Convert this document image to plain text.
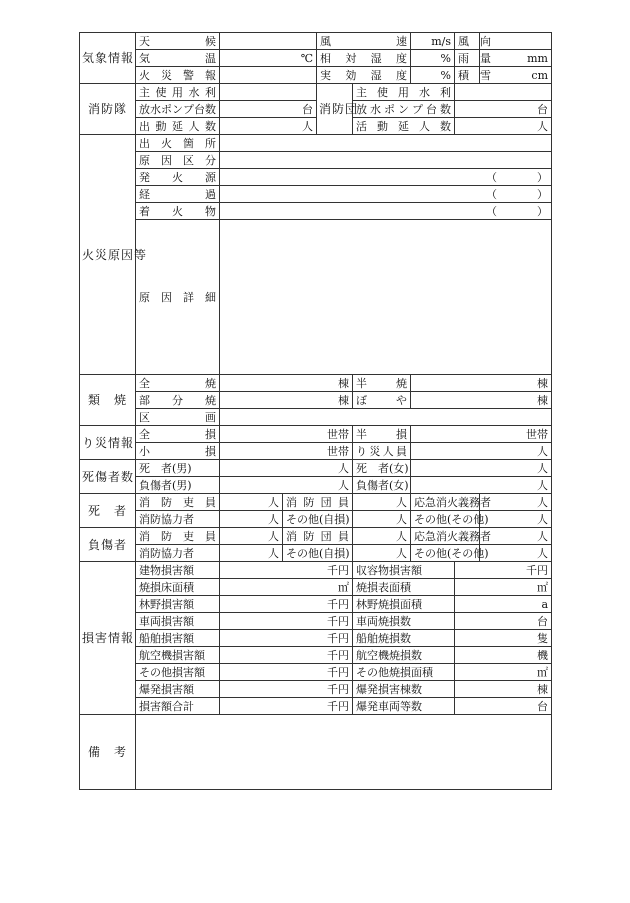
気象情報	天　候			風　速		m/s	風　向	
	気　温	℃		相対湿度		%	雨　量	mm
	火災警報			実効湿度		%	積　雪	cm
消防隊	主使用水利			消防団	主使用水利			
	放水ポンプ台数	台			放水ポンプ台数		台	
	出動延人数	人			活動延人数		人	
火災原因等	出火箇所							
	原因区分							
	発　火　源	（ ）						

	経　過	（ ）						

	着　火　物	（ ）						

	原因詳細							
類　焼	全　焼	棟			半　焼	棟		
	部分焼	棟			ぼ　や	棟		
	区　画							
り災情報	全　損	世帯			半　損	世帯		
	小　損	世帯			り災人員	人		
死傷者数	死　者(男)	人			死　者(女)	人		
	負傷者(男)	人			負傷者(女)	人		
死　者	消防吏員	人	消防団員		人	応急消火義務者		人
	消防協力者	人	その他(自損)		人	その他(その他)		人
負傷者	消防吏員	人	消防団員		人	応急消火義務者		人
	消防協力者	人	その他(自損)		人	その他(その他)		人
損害情報	建物損害額	千円			収容物損害額		千円	
	焼損床面積	㎡			焼損表面積		㎡	
	林野損害額	千円			林野焼損面積		a	
	車両損害額	千円			車両焼損数		台	
	船舶損害額	千円			船舶焼損数		隻	
	航空機損害額	千円			航空機焼損数		機	
	その他損害額	千円			その他焼損面積		㎡	
	爆発損害額	千円			爆発損害棟数		棟	
	損害額合計	千円			爆発車両等数		台	
備　考								
